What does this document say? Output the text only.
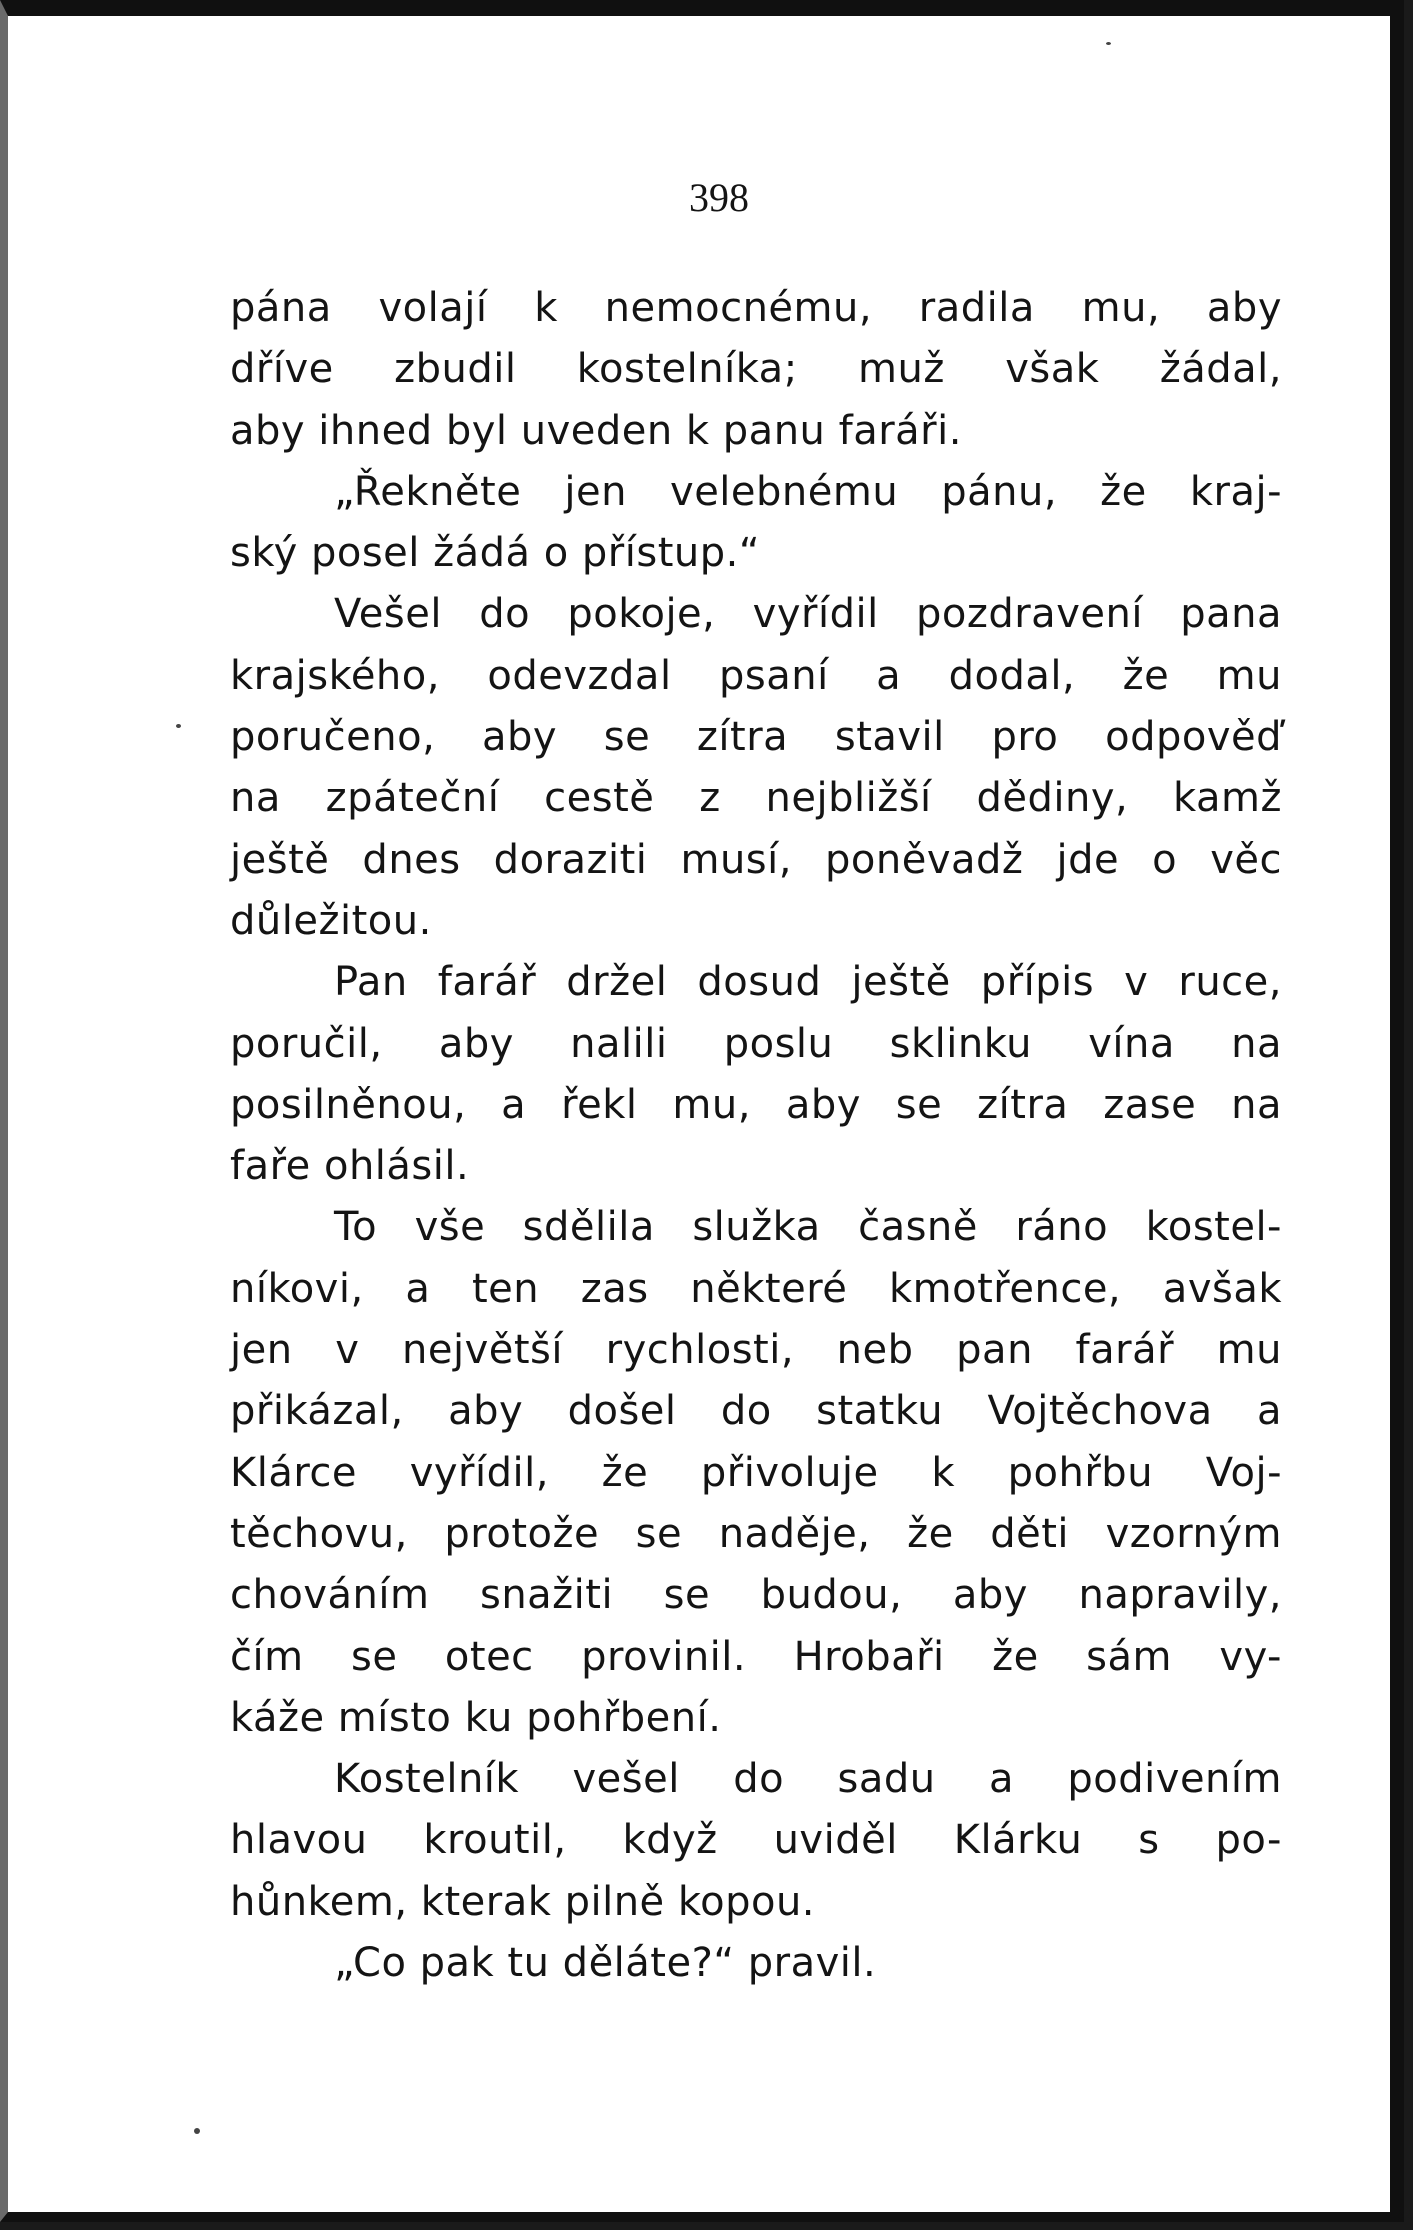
398
pána volají k nemocnému, radila mu, aby
dříve zbudil kostelníka; muž však žádal,
aby ihned byl uveden k panu faráři.
„Řekněte jen velebnému pánu, že kraj-
ský posel žádá o přístup.“
Vešel do pokoje, vyřídil pozdravení pana
krajského, odevzdal psaní a dodal, že mu
poručeno, aby se zítra stavil pro odpověď
na zpáteční cestě z nejbližší dědiny, kamž
ještě dnes doraziti musí, poněvadž jde o věc
důležitou.
Pan farář držel dosud ještě přípis v ruce,
poručil, aby nalili poslu sklinku vína na
posilněnou, a řekl mu, aby se zítra zase na
faře ohlásil.
To vše sdělila služka časně ráno kostel-
níkovi, a ten zas některé kmotřence, avšak
jen v největší rychlosti, neb pan farář mu
přikázal, aby došel do statku Vojtěchova a
Klárce vyřídil, že přivoluje k pohřbu Voj-
těchovu, protože se naděje, že děti vzorným
chováním snažiti se budou, aby napravily,
čím se otec provinil. Hrobaři že sám vy-
káže místo ku pohřbení.
Kostelník vešel do sadu a podivením
hlavou kroutil, když uviděl Klárku s po-
hůnkem, kterak pilně kopou.
„Co pak tu děláte?“ pravil.
